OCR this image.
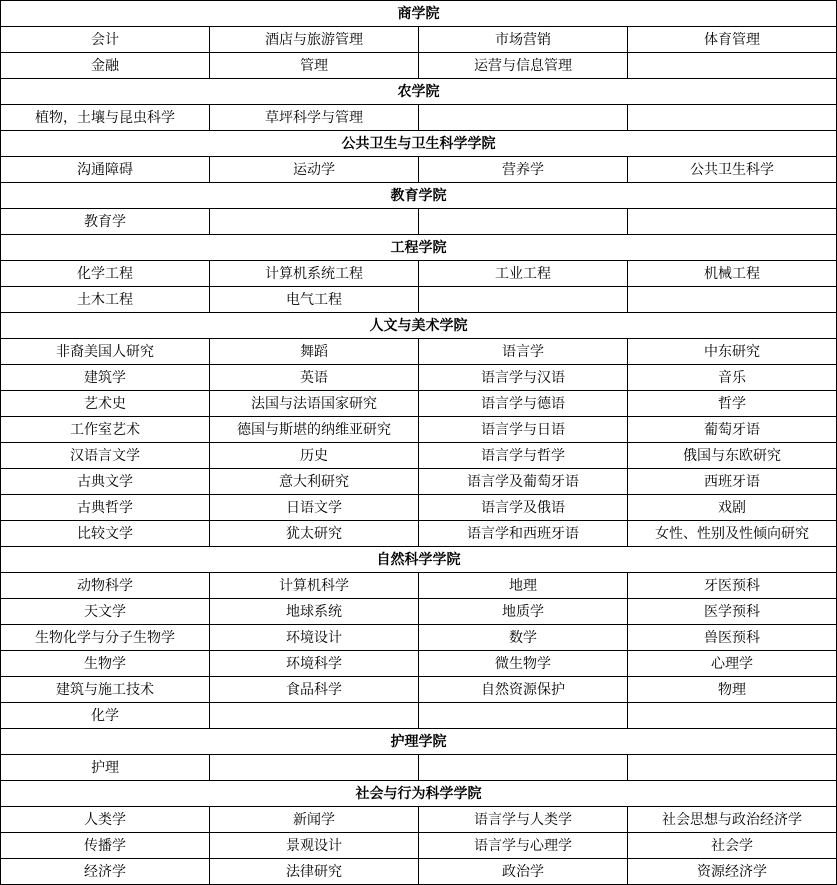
商学院			
会计	酒店与旅游管理	市场营销	体育管理
金融	管理	运营与信息管理	
农学院			
植物，土壤与昆虫科学	草坪科学与管理		
公共卫生与卫生科学学院			
沟通障碍	运动学	营养学	公共卫生科学
教育学院			
教育学			
工程学院			
化学工程	计算机系统工程	工业工程	机械工程
土木工程	电气工程		
人文与美术学院			
非裔美国人研究	舞蹈	语言学	中东研究
建筑学	英语	语言学与汉语	音乐
艺术史	法国与法语国家研究	语言学与德语	哲学
工作室艺术	德国与斯堪的纳维亚研究	语言学与日语	葡萄牙语
汉语言文学	历史	语言学与哲学	俄国与东欧研究
古典文学	意大利研究	语言学及葡萄牙语	西班牙语
古典哲学	日语文学	语言学及俄语	戏剧
比较文学	犹太研究	语言学和西班牙语	女性、性别及性倾向研究
自然科学学院			
动物科学	计算机科学	地理	牙医预科
天文学	地球系统	地质学	医学预科
生物化学与分子生物学	环境设计	数学	兽医预科
生物学	环境科学	微生物学	心理学
建筑与施工技术	食品科学	自然资源保护	物理
化学			
护理学院			
护理			
社会与行为科学学院			
人类学	新闻学	语言学与人类学	社会思想与政治经济学
传播学	景观设计	语言学与心理学	社会学
经济学	法律研究	政治学	资源经济学
